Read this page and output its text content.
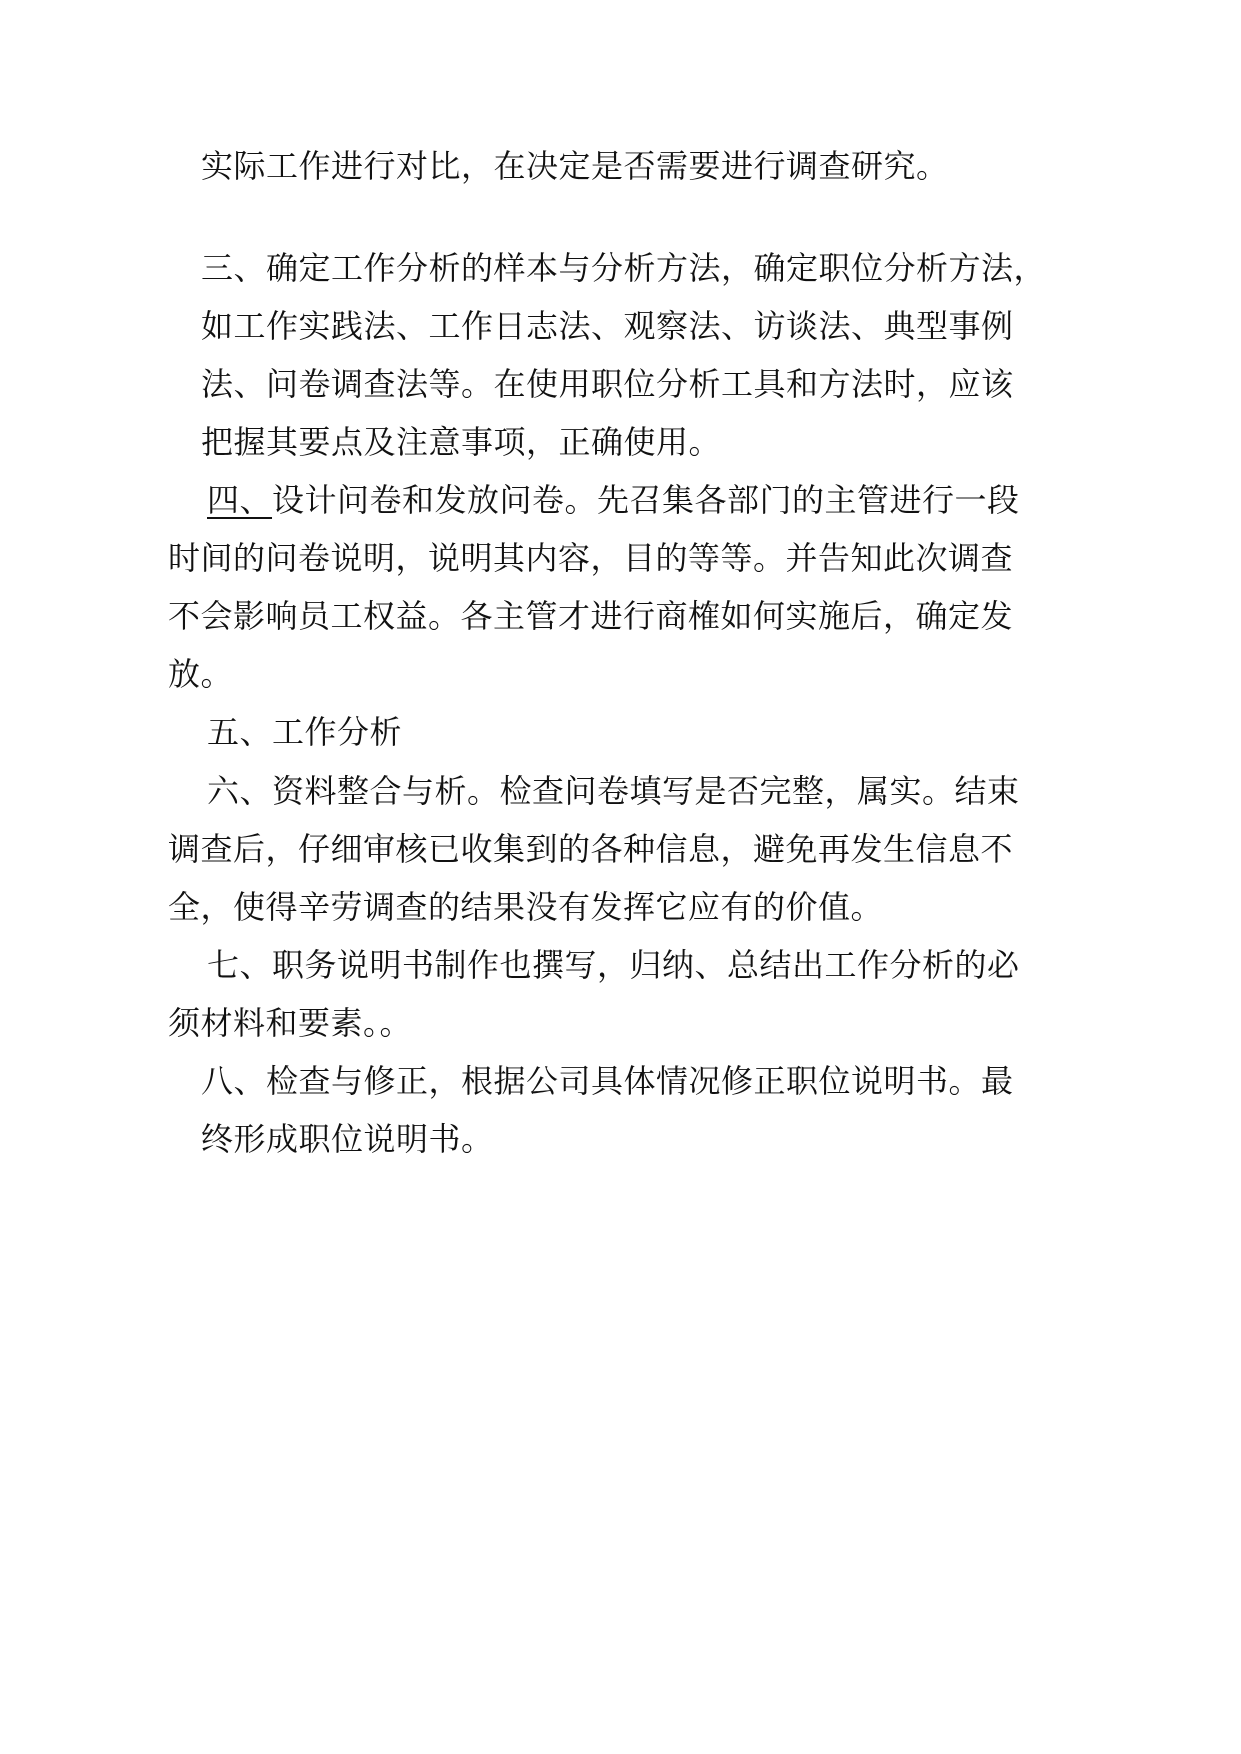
实际工作进行对比，在决定是否需要进行调查研究。
三、确定工作分析的样本与分析方法，确定职位分析方法，
如工作实践法、工作日志法、观察法、访谈法、典型事例
法、问卷调查法等。在使用职位分析工具和方法时，应该
把握其要点及注意事项，正确使用。
四、设计问卷和发放问卷。先召集各部门的主管进行一段
时间的问卷说明，说明其内容，目的等等。并告知此次调查
不会影响员工权益。各主管才进行商榷如何实施后，确定发
放。
五、工作分析
六、资料整合与析。检查问卷填写是否完整，属实。结束
调查后，仔细审核已收集到的各种信息，避免再发生信息不
全，使得辛劳调查的结果没有发挥它应有的价值。
七、职务说明书制作也撰写，归纳、总结出工作分析的必
须材料和要素。。
八、检查与修正，根据公司具体情况修正职位说明书。最
终形成职位说明书。
